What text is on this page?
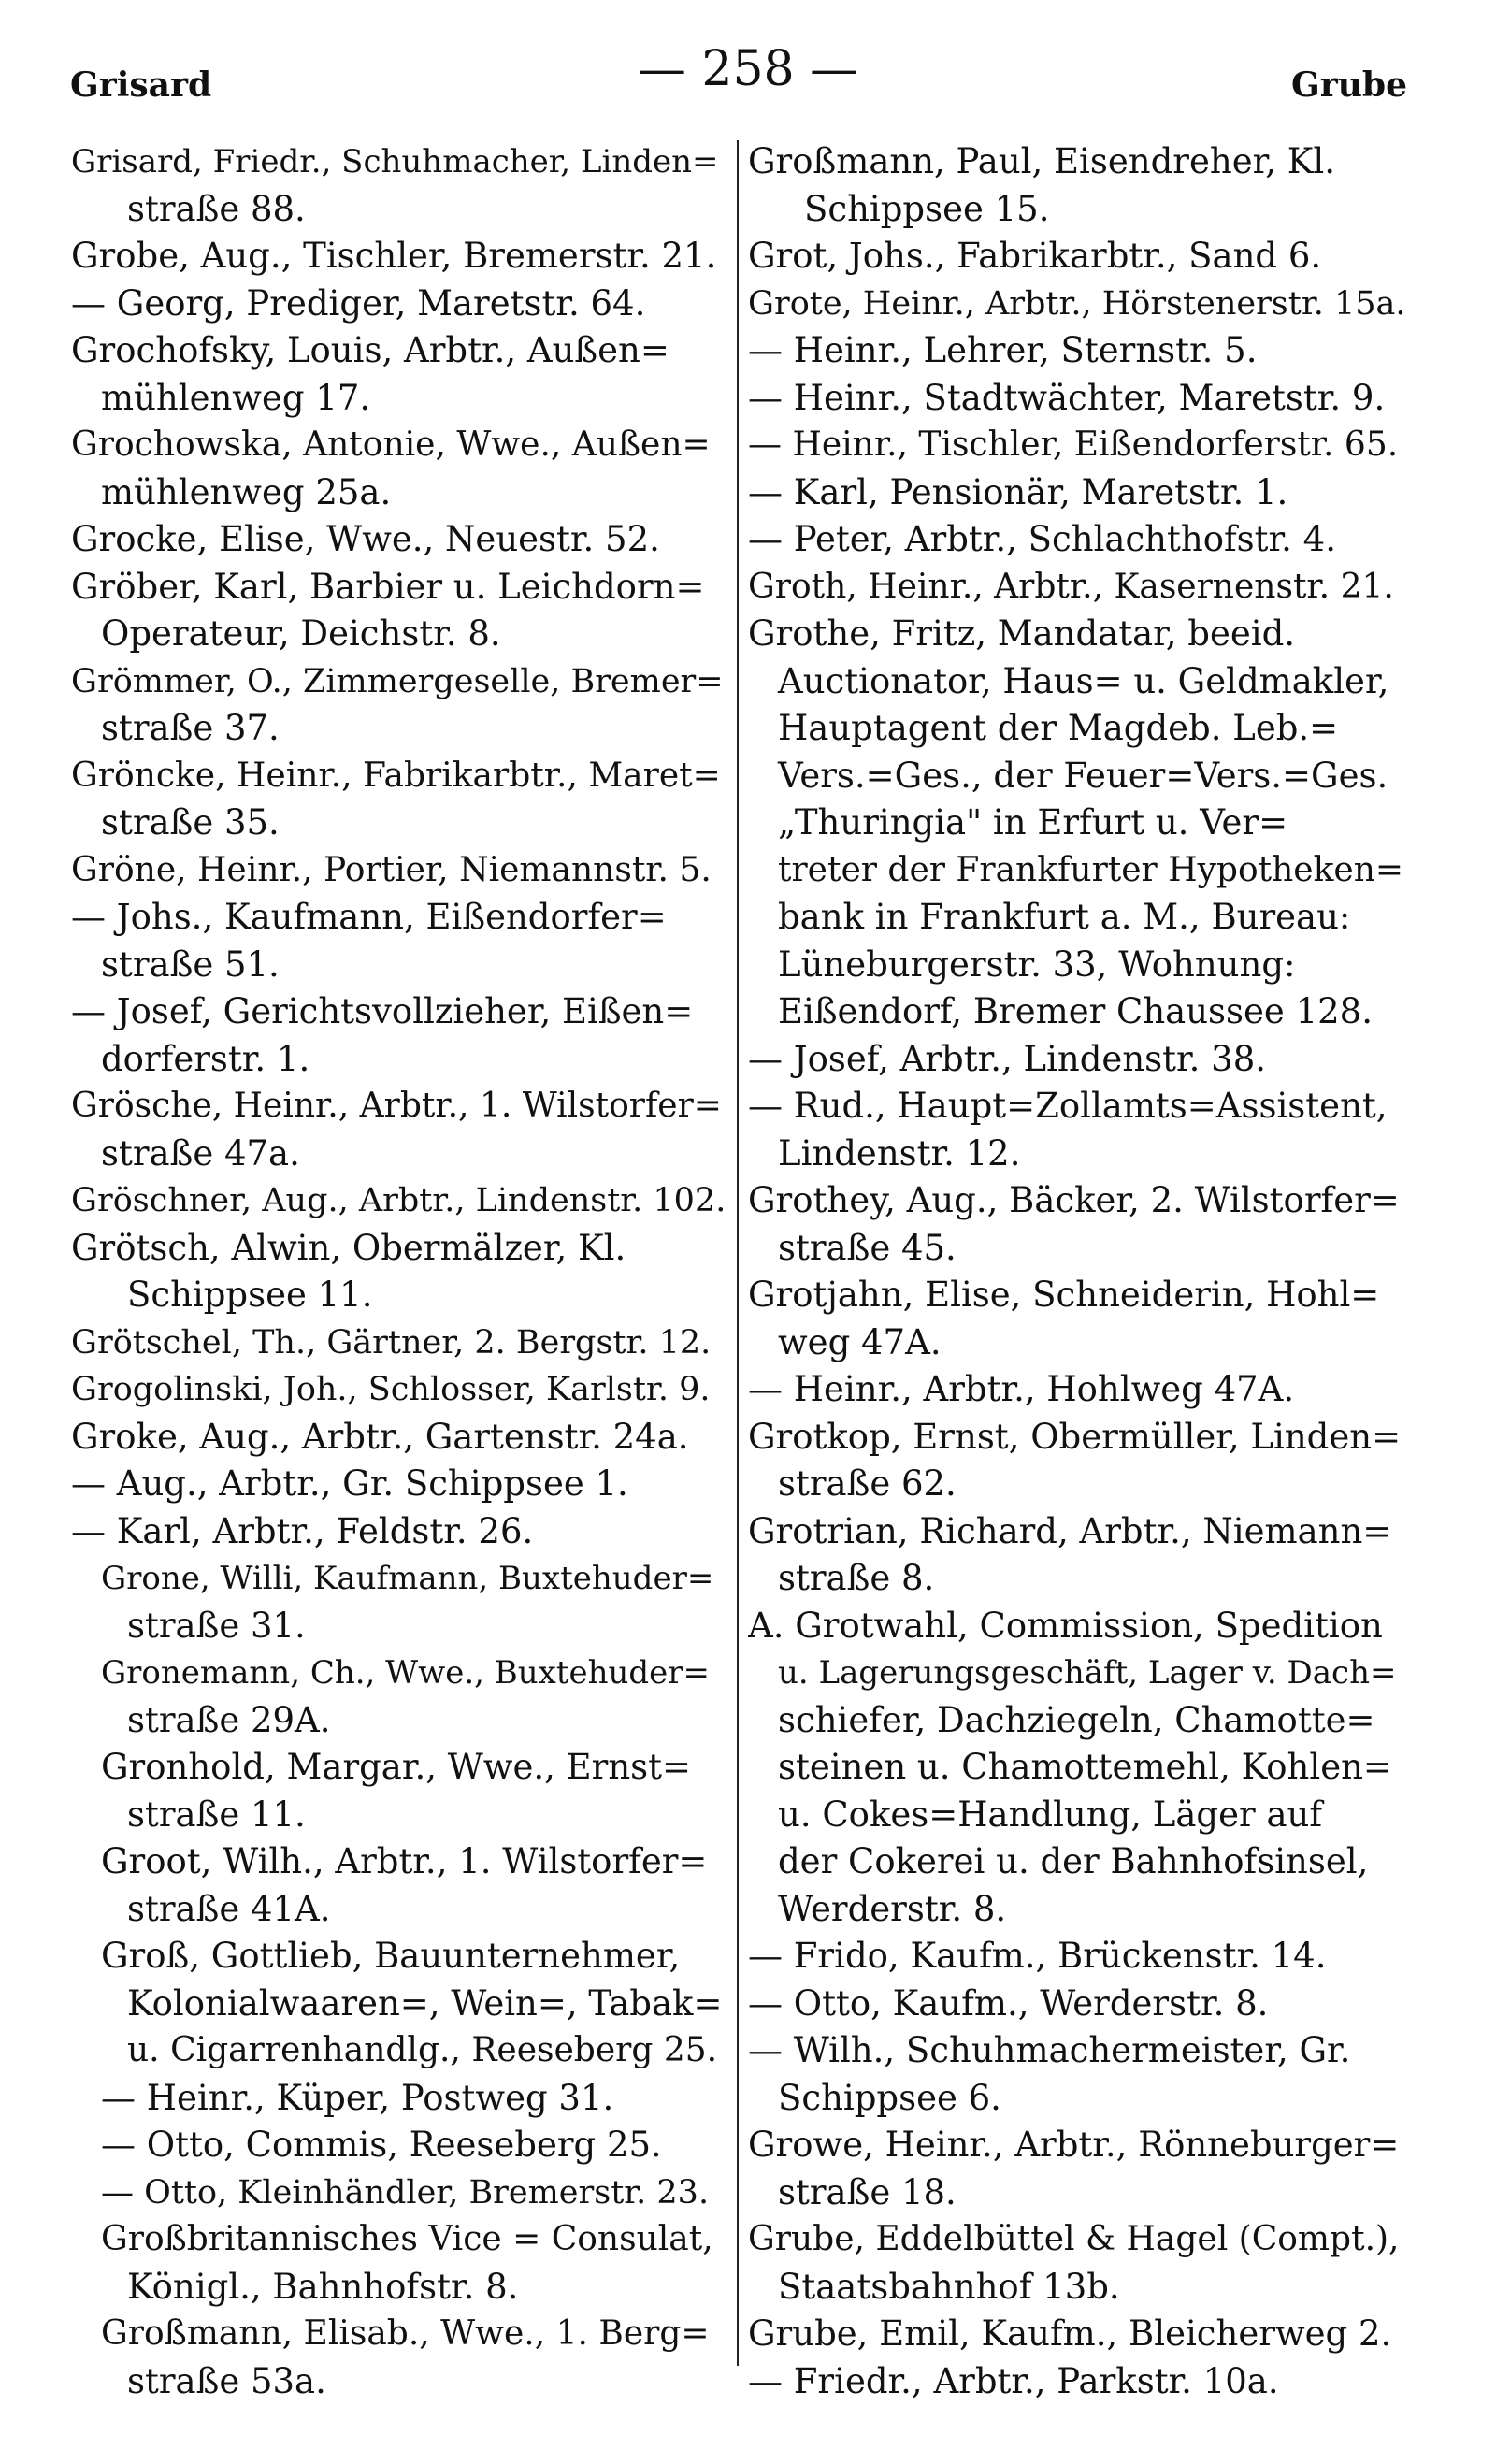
Grisard	— 258 —	Grube
Grisard, Friedr., Schuhmacher, Linden=
straße 88.
Grobe, Aug., Tischler, Bremerstr. 21.
— Georg, Prediger, Maretstr. 64.
Grochofsky, Louis, Arbtr., Außen=
mühlenweg 17.
Grochowska, Antonie, Wwe., Außen=
mühlenweg 25a.
Grocke, Elise, Wwe., Neuestr. 52.
Gröber, Karl, Barbier u. Leichdorn=
Operateur, Deichstr. 8.
Grömmer, O., Zimmergeselle, Bremer=
straße 37.
Gröncke, Heinr., Fabrikarbtr., Maret=
straße 35.
Gröne, Heinr., Portier, Niemannstr. 5.
— Johs., Kaufmann, Eißendorfer=
straße 51.
— Josef, Gerichtsvollzieher, Eißen=
dorferstr. 1.
Grösche, Heinr., Arbtr., 1. Wilstorfer=
straße 47a.
Gröschner, Aug., Arbtr., Lindenstr. 102.
Grötsch, Alwin, Obermälzer, Kl.
Schippsee 11.
Grötschel, Th., Gärtner, 2. Bergstr. 12.
Grogolinski, Joh., Schlosser, Karlstr. 9.
Groke, Aug., Arbtr., Gartenstr. 24a.
— Aug., Arbtr., Gr. Schippsee 1.
— Karl, Arbtr., Feldstr. 26.
Grone, Willi, Kaufmann, Buxtehuder=
straße 31.
Gronemann, Ch., Wwe., Buxtehuder=
straße 29A.
Gronhold, Margar., Wwe., Ernst=
straße 11.
Groot, Wilh., Arbtr., 1. Wilstorfer=
straße 41A.
Groß, Gottlieb, Bauunternehmer,
Kolonialwaaren=, Wein=, Tabak=
u. Cigarrenhandlg., Reeseberg 25.
— Heinr., Küper, Postweg 31.
— Otto, Commis, Reeseberg 25.
— Otto, Kleinhändler, Bremerstr. 23.
Großbritannisches Vice = Consulat,
Königl., Bahnhofstr. 8.
Großmann, Elisab., Wwe., 1. Berg=
straße 53a.
Großmann, Paul, Eisendreher, Kl.
Schippsee 15.
Grot, Johs., Fabrikarbtr., Sand 6.
Grote, Heinr., Arbtr., Hörstenerstr. 15a.
— Heinr., Lehrer, Sternstr. 5.
— Heinr., Stadtwächter, Maretstr. 9.
— Heinr., Tischler, Eißendorferstr. 65.
— Karl, Pensionär, Maretstr. 1.
— Peter, Arbtr., Schlachthofstr. 4.
Groth, Heinr., Arbtr., Kasernenstr. 21.
Grothe, Fritz, Mandatar, beeid.
Auctionator, Haus= u. Geldmakler,
Hauptagent der Magdeb. Leb.=
Vers.=Ges., der Feuer=Vers.=Ges.
„Thuringia" in Erfurt u. Ver=
treter der Frankfurter Hypotheken=
bank in Frankfurt a. M., Bureau:
Lüneburgerstr. 33, Wohnung:
Eißendorf, Bremer Chaussee 128.
— Josef, Arbtr., Lindenstr. 38.
— Rud., Haupt=Zollamts=Assistent,
Lindenstr. 12.
Grothey, Aug., Bäcker, 2. Wilstorfer=
straße 45.
Grotjahn, Elise, Schneiderin, Hohl=
weg 47A.
— Heinr., Arbtr., Hohlweg 47A.
Grotkop, Ernst, Obermüller, Linden=
straße 62.
Grotrian, Richard, Arbtr., Niemann=
straße 8.
A. Grotwahl, Commission, Spedition
u. Lagerungsgeschäft, Lager v. Dach=
schiefer, Dachziegeln, Chamotte=
steinen u. Chamottemehl, Kohlen=
u. Cokes=Handlung, Läger auf
der Cokerei u. der Bahnhofsinsel,
Werderstr. 8.
— Frido, Kaufm., Brückenstr. 14.
— Otto, Kaufm., Werderstr. 8.
— Wilh., Schuhmachermeister, Gr.
Schippsee 6.
Growe, Heinr., Arbtr., Rönneburger=
straße 18.
Grube, Eddelbüttel & Hagel (Compt.),
Staatsbahnhof 13b.
Grube, Emil, Kaufm., Bleicherweg 2.
— Friedr., Arbtr., Parkstr. 10a.
